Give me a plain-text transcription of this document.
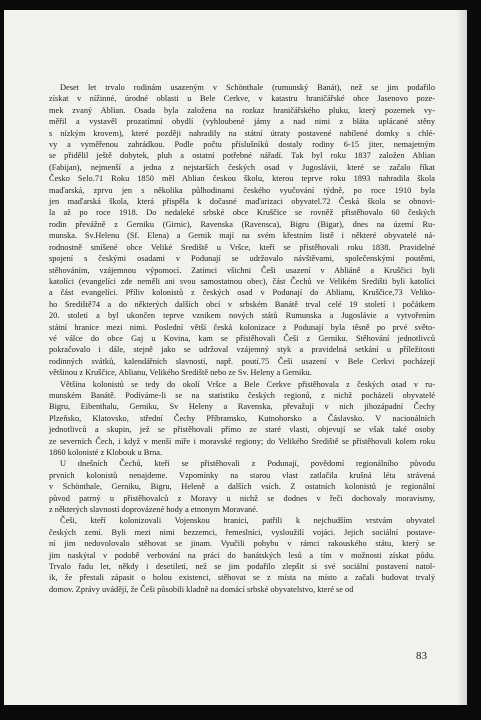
Deset let trvalo rodinám usazeným v Schönthale (rumunský Banát), než se jim podařilo
získat v nížinné, úrodné oblasti u Bele Cerkve, v katastru hraničářské obce Jasenovo poze-
mek zvaný Ablian. Osada byla založena na rozkaz hraničářského pluku, který pozemek vy-
měřil a vystavěl prozatímní obydlí (vyhloubené jámy a nad nimi z bláta uplácané stěny
s nízkým krovem), které později nahradily na státní útraty postavené nabílené domky s chlé-
vy a vyměřenou zahrádkou. Podle počtu příslušníků dostaly rodiny 6-15 jiter, nemajetným
se přidělil ještě dobytek, pluh a ostatní potřebné nářadí. Tak byl roku 1837 založen Ablian
(Fabijan), nejmenší a jedna z nejstarších českých osad v Jugoslávii, které se začalo říkat
Česko Selo.71 Roku 1850 měl Ablian českou školu, kterou teprve roku 1893 nahradila škola
maďarská, zprvu jen s několika půlhodinami českého vyučování týdně, po roce 1910 byla
jen maďarská škola, která přispěla k dočasné maďarizaci obyvatel.72 Česká škola se obnovi-
la až po roce 1918. Do nedaleké srbské obce Kruščice se rovněž přistěhovalo 60 českých
rodin převážně z Gerniku (Girnic), Ravenska (Ravensca), Bigru (Bigar), dnes na území Ru-
munska. Sv.Helenu (Sf. Elena) a Gernik mají na svém křestním listě i některé obyvatelé ná-
rodnostně smíšené obce Veliké Srediště u Vršce, kteří se přistěhovali roku 1838. Pravidelné
spojení s českými osadami v Podunají se udržovalo návštěvami, společenskými poutěmi,
stěhováním, vzájemnou výpomocí. Zatímci všichni Češi usazení v Abliáně a Kruščici byli
katolíci (evangelíci zde neměli ani svou samostatnou obec), část Čechů ve Velikém Središti byli katolíci
a část evangelíci. Příliv kolonistů z českých osad v Podunají do Ablianu, Kruščice,73 Veliko-
ho Srediště74 a do některých dalších obcí v srbském Banátě trval celé 19 století i počátkem
20. století a byl ukončen teprve vznikem nových států Rumunska a Jugoslávie a vytvořením
státní hranice mezi nimi. Poslední větší česká kolonizace z Podunají byla těsně po prvé světo-
vé válce do obce Gaj u Kovina, kam se přistěhovali Češi z Gerniku. Stěhování jednotlivců
pokračovalo i dále, stejně jako se udržoval vzájemný styk a pravidelná setkání u příležitosti
rodinných svátků, kalendářních slavností, např. poutí.75 Češi usazení v Bele Cerkvi pocházejí
většinou z Kruščice, Ablianu, Velikého Srediště nebo ze Sv. Heleny a Gerniku.
Většina kolonistů se tedy do okolí Vršce a Bele Cerkve přistěhovala z českých osad v ru-
munském Banátě. Podíváme-li se na statistiku českých regionů, z nichž pocházeli obyvatelé
Bigru, Eibenthalu, Gerniku, Sv Heleny a Ravenska, převažují v nich jihozápadní Čechy
Plzeňsko, Klatovsko, střední Čechy Příbramsko, Kutnohorsko a Čáslavsko. V nacionálních
jednotlivců a skupin, jež se přistěhovali přímo ze staré vlasti, objevují se však také osoby
ze severních Čech, i když v menší míře i moravské regiony; do Velikého Srediště se přistěhovali kolem roku
1860 kolonisté z Klobouk u Brna.
U dnešních Čechů, kteří se přistěhovali z Podunají, povědomí regionálního původu
prvních kolonistů nenajdeme. Vzpomínky na starou vlast zatlačila krušná léta strávená
v Schönthale, Gerniku, Bigru, Heleně a dalších vsích. Z ostatních kolonistů je regionální
původ patrný u přistěhovalců z Moravy u nichž se dodnes v řeči dochovaly moravismy,
z některých slavností doprovázené hody a etnonym Moravané.
Češi, kteří kolonizovali Vojenskou hranici, patřili k nejchudším vrstvám obyvatel
českých zemí. Byli mezi nimi bezzemci, řemeslníci, vysloužilí vojáci. Jejich sociální postave-
ní jim nedovolovalo stěhovat se jinam. Vyučili pohybu v rámci rakouského státu, který se
jim naskýtal v podobě verbování na práci do banátských lesů a tím v možnosti získat půdu.
Trvalo řadu let, někdy i desetiletí, než se jim podařilo zlepšit si své sociální postavení natol-
ik, že přestali zápasit o holou existenci, stěhovat se z místa na místo a začali budovat trvalý
domov. Zprávy uvádějí, že Češi působili kladně na domácí srbské obyvatelstvo, které se od
83
